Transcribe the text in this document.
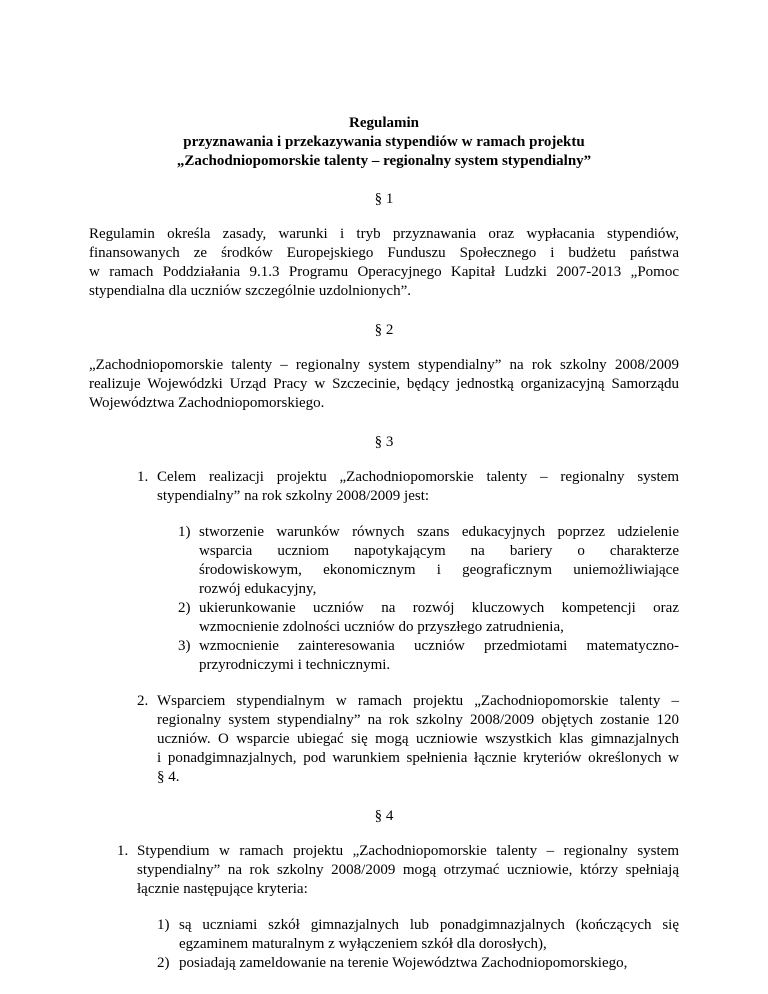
Regulamin

przyznawania i przekazywania stypendiów w ramach projektu

„Zachodniopomorskie talenty – regionalny system stypendialny”

§ 1

Regulamin określa zasady, warunki i tryb przyznawania oraz wypłacania stypendiów,
finansowanych ze środków Europejskiego Funduszu Społecznego i budżetu państwa
w ramach Poddziałania 9.1.3 Programu Operacyjnego Kapitał Ludzki 2007-2013 „Pomoc
stypendialna dla uczniów szczególnie uzdolnionych”.

§ 2

„Zachodniopomorskie talenty – regionalny system stypendialny” na rok szkolny 2008/2009
realizuje Wojewódzki Urząd Pracy w Szczecinie, będący jednostką organizacyjną Samorządu
Województwa Zachodniopomorskiego.

§ 3

1. Celem realizacji projektu „Zachodniopomorskie talenty – regionalny system
stypendialny” na rok szkolny 2008/2009 jest:
1) stworzenie warunków równych szans edukacyjnych poprzez udzielenie
wsparcia uczniom napotykającym na bariery o charakterze
środowiskowym, ekonomicznym i geograficznym uniemożliwiające
rozwój edukacyjny,
2) ukierunkowanie uczniów na rozwój kluczowych kompetencji oraz
wzmocnienie zdolności uczniów do przyszłego zatrudnienia,
3) wzmocnienie zainteresowania uczniów przedmiotami matematyczno-
przyrodniczymi i technicznymi.
2. Wsparciem stypendialnym w ramach projektu „Zachodniopomorskie talenty –
regionalny system stypendialny” na rok szkolny 2008/2009 objętych zostanie 120
uczniów. O wsparcie ubiegać się mogą uczniowie wszystkich klas gimnazjalnych
i ponadgimnazjalnych, pod warunkiem spełnienia łącznie kryteriów określonych w
§ 4.

§ 4

1. Stypendium w ramach projektu „Zachodniopomorskie talenty – regionalny system
stypendialny” na rok szkolny 2008/2009 mogą otrzymać uczniowie, którzy spełniają
łącznie następujące kryteria:
1) są uczniami szkół gimnazjalnych lub ponadgimnazjalnych (kończących się
egzaminem maturalnym z wyłączeniem szkół dla dorosłych),
2) posiadają zameldowanie na terenie Województwa Zachodniopomorskiego,
